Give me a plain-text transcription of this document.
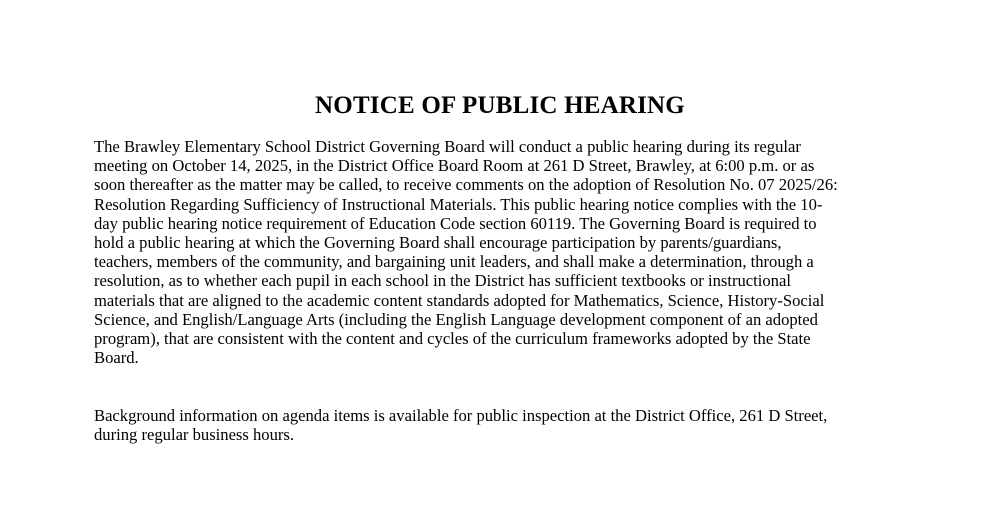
NOTICE OF PUBLIC HEARING

The Brawley Elementary School District Governing Board will conduct a public hearing during its regular
meeting on October 14, 2025, in the District Office Board Room at 261 D Street, Brawley, at 6:00 p.m. or as
soon thereafter as the matter may be called, to receive comments on the adoption of Resolution No. 07 2025/26:
Resolution Regarding Sufficiency of Instructional Materials. This public hearing notice complies with the 10-
day public hearing notice requirement of Education Code section 60119. The Governing Board is required to
hold a public hearing at which the Governing Board shall encourage participation by parents/guardians,
teachers, members of the community, and bargaining unit leaders, and shall make a determination, through a
resolution, as to whether each pupil in each school in the District has sufficient textbooks or instructional
materials that are aligned to the academic content standards adopted for Mathematics, Science, History-Social
Science, and English/Language Arts (including the English Language development component of an adopted
program), that are consistent with the content and cycles of the curriculum frameworks adopted by the State
Board.

Background information on agenda items is available for public inspection at the District Office, 261 D Street,
during regular business hours.
